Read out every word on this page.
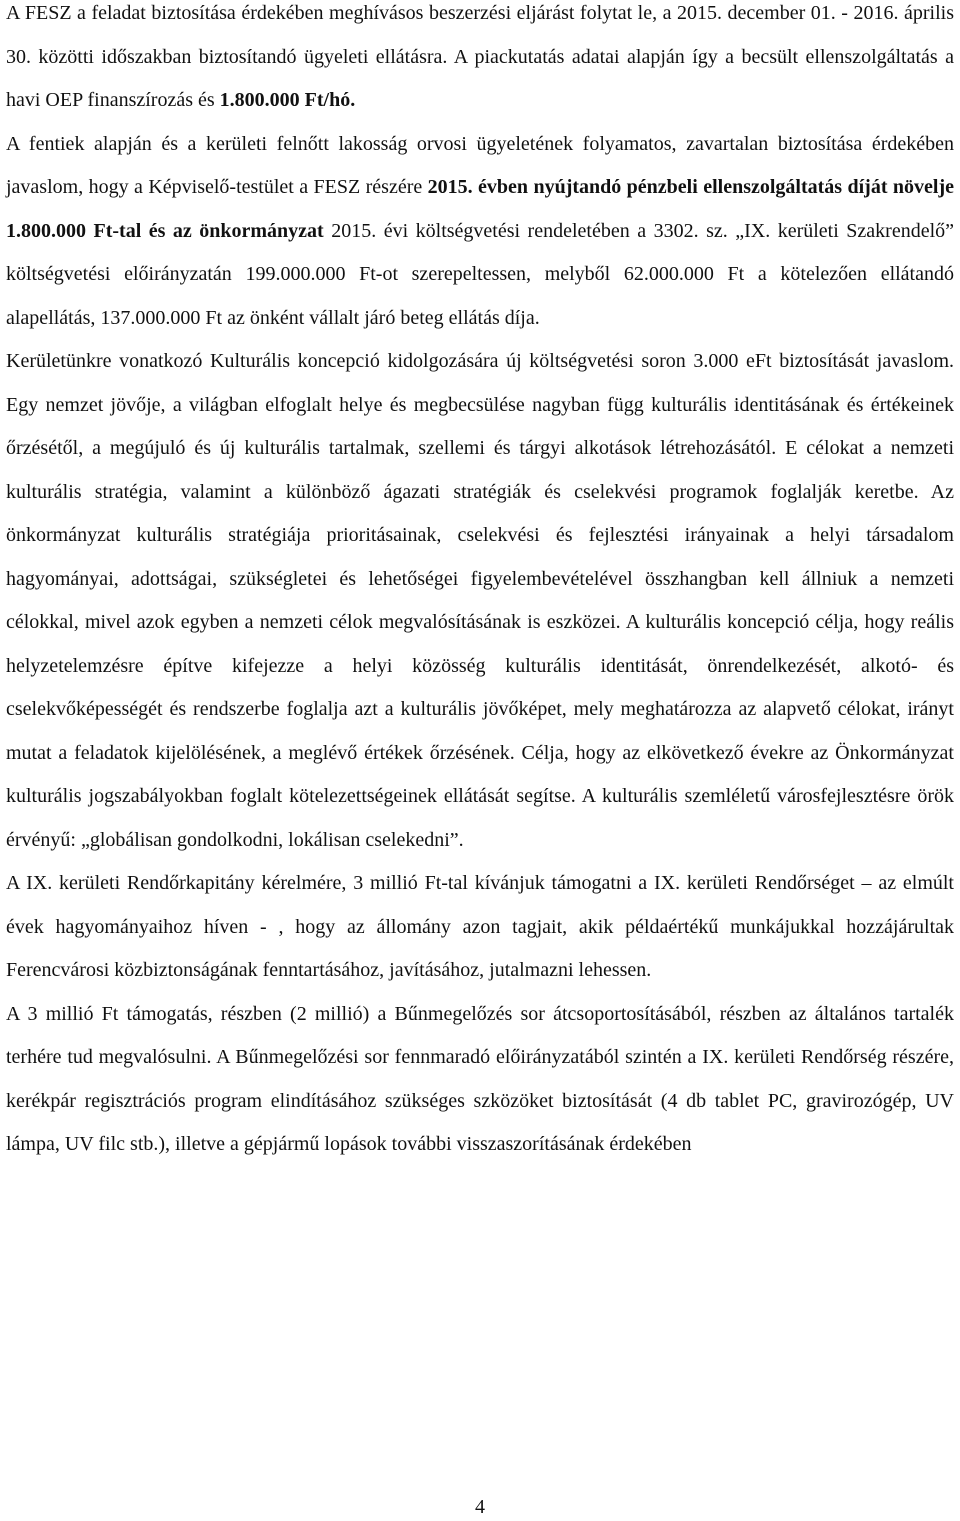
A FESZ a feladat biztosítása érdekében meghívásos beszerzési eljárást folytat le, a 2015. december 01. - 2016. április 30. közötti időszakban biztosítandó ügyeleti ellátásra. A piackutatás adatai alapján így a becsült ellenszolgáltatás a havi OEP finanszírozás és 1.800.000 Ft/hó.

A fentiek alapján és a kerületi felnőtt lakosság orvosi ügyeletének folyamatos, zavartalan biztosítása érdekében javaslom, hogy a Képviselő-testület a FESZ részére 2015. évben nyújtandó pénzbeli ellenszolgáltatás díját növelje 1.800.000 Ft-tal és az önkormányzat 2015. évi költségvetési rendeletében a 3302. sz. „IX. kerületi Szakrendelő” költségvetési előirányzatán 199.000.000 Ft-ot szerepeltessen, melyből 62.000.000 Ft a kötelezően ellátandó alapellátás, 137.000.000 Ft az önként vállalt járó beteg ellátás díja.

Kerületünkre vonatkozó Kulturális koncepció kidolgozására új költségvetési soron 3.000 eFt biztosítását javaslom. Egy nemzet jövője, a világban elfoglalt helye és megbecsülése nagyban függ kulturális identitásának és értékeinek őrzésétől, a megújuló és új kulturális tartalmak, szellemi és tárgyi alkotások létrehozásától. E célokat a nemzeti kulturális stratégia, valamint a különböző ágazati stratégiák és cselekvési programok foglalják keretbe. Az önkormányzat kulturális stratégiája prioritásainak, cselekvési és fejlesztési irányainak a helyi társadalom hagyományai, adottságai, szükségletei és lehetőségei figyelembevételével összhangban kell állniuk a nemzeti célokkal, mivel azok egyben a nemzeti célok megvalósításának is eszközei. A kulturális koncepció célja, hogy reális helyzetelemzésre építve kifejezze a helyi közösség kulturális identitását, önrendelkezését, alkotó- és cselekvőképességét és rendszerbe foglalja azt a kulturális jövőképet, mely meghatározza az alapvető célokat, irányt mutat a feladatok kijelölésének, a meglévő értékek őrzésének. Célja, hogy az elkövetkező évekre az Önkormányzat kulturális jogszabályokban foglalt kötelezettségeinek ellátását segítse. A kulturális szemléletű városfejlesztésre örök érvényű: „globálisan gondolkodni, lokálisan cselekedni”.

A IX. kerületi Rendőrkapitány kérelmére, 3 millió Ft-tal kívánjuk támogatni a IX. kerületi Rendőrséget – az elmúlt évek hagyományaihoz híven - , hogy az állomány azon tagjait, akik példaértékű munkájukkal hozzájárultak Ferencvárosi közbiztonságának fenntartásához, javításához, jutalmazni lehessen.

A 3 millió Ft támogatás, részben (2 millió) a Bűnmegelőzés sor átcsoportosításából, részben az általános tartalék terhére tud megvalósulni. A Bűnmegelőzési sor fennmaradó előirányzatából szintén a IX. kerületi Rendőrség részére, kerékpár regisztrációs program elindításához szükséges szközöket biztosítását (4 db tablet PC, gravirozógép, UV lámpa, UV filc stb.), illetve a gépjármű lopások további visszaszorításának érdekében

4
